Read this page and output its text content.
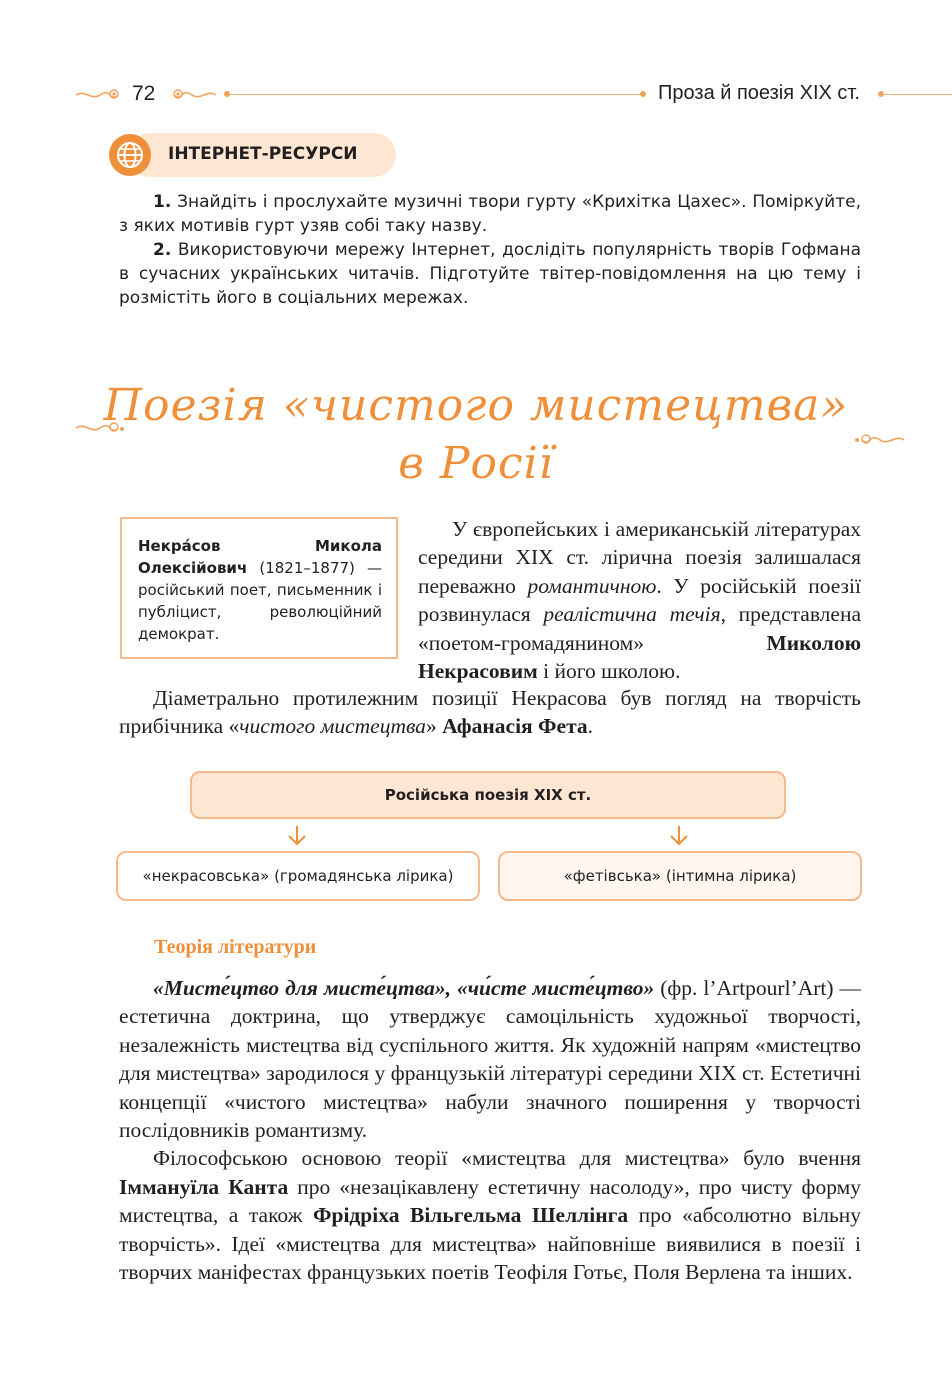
72	Проза й поезія XIX ст.
ІНТЕРНЕТ-РЕСУРСИ

1. Знайдіть і прослухайте музичні твори гурту «Крихітка Цахес». Поміркуйте, з яких мотивів гурт узяв собі таку назву.

2. Використовуючи мережу Інтернет, дослідіть популярність творів Гофмана в сучасних українських читачів. Підготуйте твітер-повідомлення на цю тему і розмістіть його в соціальних мережах.

Поезія «чистого мистецтва»
в Росії
Некра́сов Микола Олексійович (1821–1877) — російський поет, письменник і публіцист, революційний демократ.

У європейських і американській літературах середини XIX ст. лірична поезія залишалася переважно романтичною. У російській поезії розвинулася реалістична течія, представлена «поетом-громадянином» Миколою Некрасовим і його школою.

Діаметрально протилежним позиції Некрасова був погляд на творчість прибічника «чистого мистецтва» Афанасія Фета.

Російська поезія XIX ст.
«некрасовська» (громадянська лірика)	«фетівська» (інтимна лірика)
Теорія літератури

«Мисте́цтво для мисте́цтва», «чи́сте мисте́цтво» (фр. l’Artpourl’Art) — естетична доктрина, що утверджує самоцільність художньої творчості, незалежність мистецтва від суспільного життя. Як художній напрям «мистецтво для мистецтва» зародилося у французькій літературі середини XIX ст. Естетичні концепції «чистого мистецтва» набули значного поширення у творчості послідовників романтизму.

Філософською основою теорії «мистецтва для мистецтва» було вчення Іммануїла Канта про «незацікавлену естетичну насолоду», про чисту форму мистецтва, а також Фрідріха Вільгельма Шеллінга про «абсолютно вільну творчість». Ідеї «мистецтва для мистецтва» найповніше виявилися в поезії і творчих маніфестах французьких поетів Теофіля Готьє, Поля Верлена та інших.
